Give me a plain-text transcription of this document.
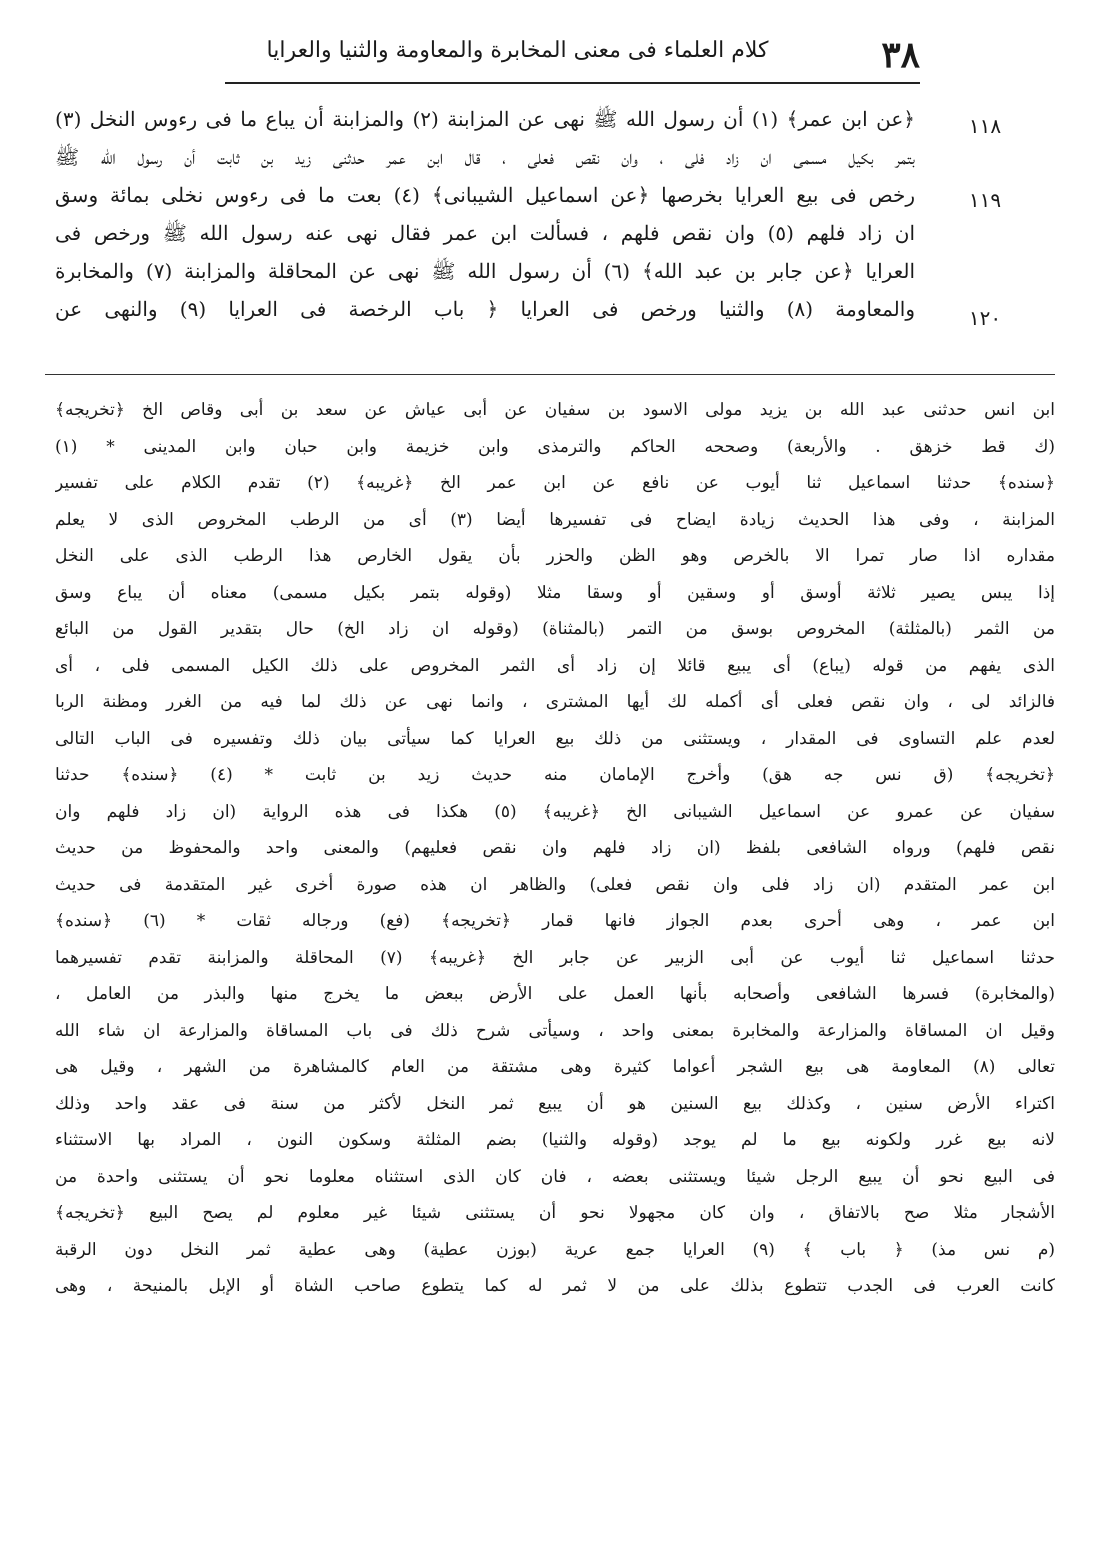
٣٨
كلام العلماء فى معنى المخابرة والمعاومة والثنيا والعرايا
﴿عن ابن عمر﴾ (١) أن رسول الله ﷺ نهى عن المزابنة (٢) والمزابنة أن يباع ما فى رءوس النخل (٣)
بتمر بكيل مسمى ان زاد فلى ، وان نقص فعلى ، قال ابن عمر حدثنى زيد بن ثابت أن رسول الله ﷺ
رخص فى بيع العرايا بخرصها ﴿عن اسماعيل الشيبانى﴾ (٤) بعت ما فى رءوس نخلى بمائة وسق
ان زاد فلهم (٥) وان نقص فلهم ، فسألت ابن عمر فقال نهى عنه رسول الله ﷺ ورخص فى
العرايا ﴿عن جابر بن عبد الله﴾ (٦) أن رسول الله ﷺ نهى عن المحاقلة والمزابنة (٧) والمخابرة
والمعاومة (٨) والثنيا ورخص فى العرايا ﴿ باب الرخصة فى العرايا (٩) والنهى عن
١١٨
١١٩
١٢٠
ابن انس حدثنى عبد الله بن يزيد مولى الاسود بن سفيان عن أبى عياش عن سعد بن أبى وقاص الخ ﴿تخريجه﴾
(ك قط خزهق . والأربعة) وصححه الحاكم والترمذى وابن خزيمة وابن حبان وابن المدينى * (١)
﴿سنده﴾ حدثنا اسماعيل ثنا أيوب عن نافع عن ابن عمر الخ ﴿غريبه﴾ (٢) تقدم الكلام على تفسير
المزابنة ، وفى هذا الحديث زيادة ايضاح فى تفسيرها أيضا (٣) أى من الرطب المخروص الذى لا يعلم
مقداره اذا صار تمرا الا بالخرص وهو الظن والحزر بأن يقول الخارص هذا الرطب الذى على النخل
إذا يبس يصير ثلاثة أوسق أو وسقين أو وسقا مثلا (وقوله بتمر بكيل مسمى) معناه أن يباع وسق
من الثمر (بالمثلثة) المخروص بوسق من التمر (بالمثناة) (وقوله ان زاد الخ) حال بتقدير القول من البائع
الذى يفهم من قوله (يباع) أى يبيع قائلا إن زاد أى الثمر المخروص على ذلك الكيل المسمى فلى ، أى
فالزائد لى ، وان نقص فعلى أى أكمله لك أيها المشترى ، وانما نهى عن ذلك لما فيه من الغرر ومظنة الربا
لعدم علم التساوى فى المقدار ، ويستثنى من ذلك بيع العرايا كما سيأتى بيان ذلك وتفسيره فى الباب التالى
﴿تخريجه﴾ (ق نس جه هق) وأخرج الإمامان منه حديث زيد بن ثابت * (٤) ﴿سنده﴾ حدثنا
سفيان عن عمرو عن اسماعيل الشيبانى الخ ﴿غريبه﴾ (٥) هكذا فى هذه الرواية (ان زاد فلهم وان
نقص فلهم) ورواه الشافعى بلفظ (ان زاد فلهم وان نقص فعليهم) والمعنى واحد والمحفوظ من حديث
ابن عمر المتقدم (ان زاد فلى وان نقص فعلى) والظاهر ان هذه صورة أخرى غير المتقدمة فى حديث
ابن عمر ، وهى أحرى بعدم الجواز فانها قمار ﴿تخريجه﴾ (فع) ورجاله ثقات * (٦) ﴿سنده﴾
حدثنا اسماعيل ثنا أيوب عن أبى الزبير عن جابر الخ ﴿غريبه﴾ (٧) المحاقلة والمزابنة تقدم تفسيرهما
(والمخابرة) فسرها الشافعى وأصحابه بأنها العمل على الأرض ببعض ما يخرج منها والبذر من العامل ،
وقيل ان المساقاة والمزارعة والمخابرة بمعنى واحد ، وسيأتى شرح ذلك فى باب المساقاة والمزارعة ان شاء الله
تعالى (٨) المعاومة هى بيع الشجر أعواما كثيرة وهى مشتقة من العام كالمشاهرة من الشهر ، وقيل هى
اكتراء الأرض سنين ، وكذلك بيع السنين هو أن يبيع ثمر النخل لأكثر من سنة فى عقد واحد وذلك
لانه بيع غرر ولكونه بيع ما لم يوجد (وقوله والثنيا) بضم المثلثة وسكون النون ، المراد بها الاستثناء
فى البيع نحو أن يبيع الرجل شيئا ويستثنى بعضه ، فان كان الذى استثناه معلوما نحو أن يستثنى واحدة من
الأشجار مثلا صح بالاتفاق ، وان كان مجهولا نحو أن يستثنى شيئا غير معلوم لم يصح البيع ﴿تخريجه﴾
(م نس مذ) ﴿ باب ﴾ (٩) العرايا جمع عرية (بوزن عطية) وهى عطية ثمر النخل دون الرقبة
كانت العرب فى الجدب تتطوع بذلك على من لا ثمر له كما يتطوع صاحب الشاة أو الإبل بالمنيحة ، وهى
